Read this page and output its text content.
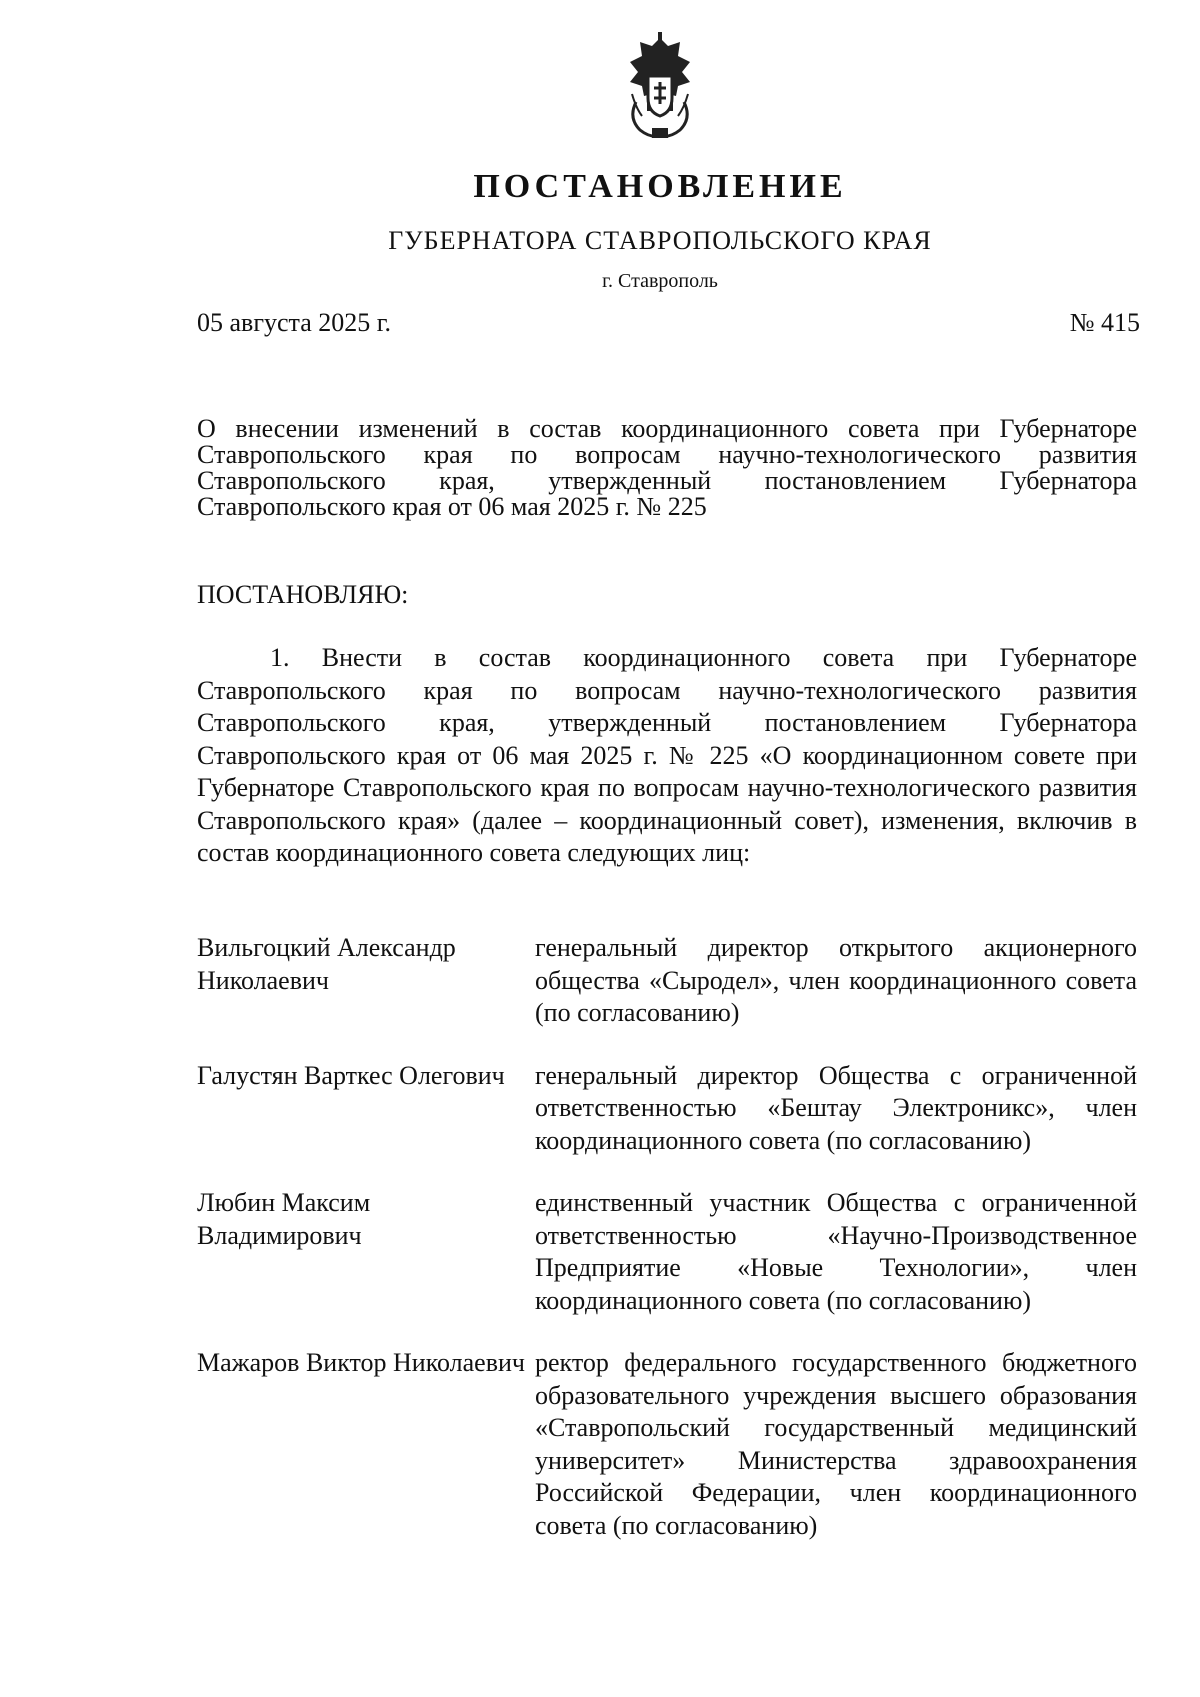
ПОСТАНОВЛЕНИЕ
ГУБЕРНАТОРА СТАВРОПОЛЬСКОГО КРАЯ
г. Ставрополь
05 августа 2025 г.	№ 415
О внесении изменений в состав координационного совета при Губернаторе Ставропольского края по вопросам научно-технологического развития Ставропольского края, утвержденный постановлением Губернатора Ставропольского края от 06 мая 2025 г. № 225
ПОСТАНОВЛЯЮ:
1. Внести в состав координационного совета при Губернаторе Ставропольского края по вопросам научно-технологического развития Ставропольского края, утвержденный постановлением Губернатора Ставропольского края от 06 мая 2025 г. № 225 «О координационном совете при Губернаторе Ставропольского края по вопросам научно-технологического развития Ставропольского края» (далее – координационный совет), изменения, включив в состав координационного совета следующих лиц:
Вильгоцкий Александр Николаевич
генеральный директор открытого акционерного общества «Сыродел», член координационного совета (по согласованию)
Галустян Варткес Олегович	генеральный директор Общества с ограниченной ответственностью «Бештау Электроникс», член координационного совета (по согласованию)
Любин Максим Владимирович
единственный участник Общества с ограниченной ответственностью «Научно-Производственное Предприятие «Новые Технологии», член координационного совета (по согласованию)
Мажаров Виктор Николаевич ректор федерального государственного бюджетного образовательного учреждения высшего образования «Ставропольский государственный медицинский университет» Министерства здравоохранения Российской Федерации, член координационного совета (по согласованию)
